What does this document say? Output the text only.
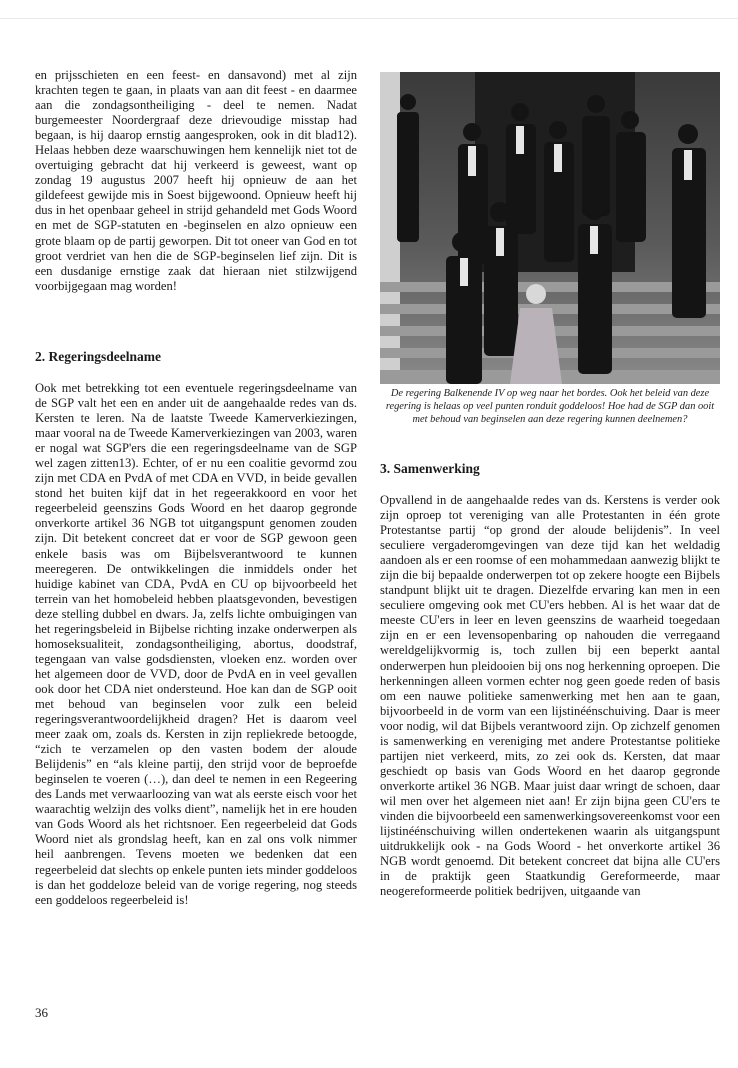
en prijsschieten en een feest- en dansavond) met al zijn krachten tegen te gaan, in plaats van aan dit feest - en daarmee aan die zondagsontheiliging - deel te nemen. Nadat burgemeester Noordergraaf deze drievoudige misstap had begaan, is hij daarop ernstig aangesproken, ook in dit blad12). Helaas hebben deze waarschuwingen hem kennelijk niet tot de overtuiging gebracht dat hij verkeerd is geweest, want op zondag 19 augustus 2007 heeft hij opnieuw de aan het gildefeest gewijde mis in Soest bijgewoond. Opnieuw heeft hij dus in het openbaar geheel in strijd gehandeld met Gods Woord en met de SGP-statuten en -beginselen en alzo opnieuw een grote blaam op de partij geworpen. Dit tot oneer van God en tot groot verdriet van hen die de SGP-beginselen lief zijn. Dit is een dusdanige ernstige zaak dat hieraan niet stilzwijgend voorbijgegaan mag worden!

2. Regeringsdeelname

Ook met betrekking tot een eventuele regeringsdeelname van de SGP valt het een en ander uit de aangehaalde redes van ds. Kersten te leren. Na de laatste Tweede Kamerverkiezingen, maar vooral na de Tweede Kamerverkiezingen van 2003, waren er nogal wat SGP'ers die een regeringsdeelname van de SGP wel zagen zitten13). Echter, of er nu een coalitie gevormd zou zijn met CDA en PvdA of met CDA en VVD, in beide gevallen stond het buiten kijf dat in het regeerakkoord en voor het regeerbeleid geenszins Gods Woord en het daarop gegronde onverkorte artikel 36 NGB tot uitgangspunt genomen zouden zijn. Dit betekent concreet dat er voor de SGP gewoon geen enkele basis was om Bijbelsverantwoord te kunnen meeregeren. De ontwikkelingen die inmiddels onder het huidige kabinet van CDA, PvdA en CU op bijvoorbeeld het terrein van het homobeleid hebben plaatsgevonden, bevestigen deze stelling dubbel en dwars. Ja, zelfs lichte ombuigingen van het regeringsbeleid in Bijbelse richting inzake onderwerpen als homoseksualiteit, zondagsontheiliging, abortus, doodstraf, tegengaan van valse godsdiensten, vloeken enz. worden over het algemeen door de VVD, door de PvdA en in veel gevallen ook door het CDA niet ondersteund. Hoe kan dan de SGP ooit met behoud van beginselen voor zulk een beleid regeringsverantwoordelijkheid dragen? Het is daarom veel meer zaak om, zoals ds. Kersten in zijn repliekrede betoogde, “zich te verzamelen op den vasten bodem der aloude Belijdenis” en “als kleine partij, den strijd voor de beproefde beginselen te voeren (…), dan deel te nemen in een Regeering des Lands met verwaarloozing van wat als eerste eisch voor het waarachtig welzijn des volks dient”, namelijk het in ere houden van Gods Woord als het richtsnoer. Een regeerbeleid dat Gods Woord niet als grondslag heeft, kan en zal ons volk nimmer heil aanbrengen. Tevens moeten we bedenken dat een regeerbeleid dat slechts op enkele punten iets minder goddeloos is dan het goddeloze beleid van de vorige regering, nog steeds een goddeloos regeerbeleid is!

De regering Balkenende IV op weg naar het bordes. Ook het beleid van deze regering is helaas op veel punten ronduit goddeloos! Hoe had de SGP dan ooit met behoud van beginselen aan deze regering kunnen deelnemen?
3. Samenwerking

Opvallend in de aangehaalde redes van ds. Kerstens is verder ook zijn oproep tot vereniging van alle Protestanten in één grote Protestantse partij “op grond der aloude belijdenis”. In veel seculiere vergaderomgevingen van deze tijd kan het weldadig aandoen als er een roomse of een mohammedaan aanwezig blijkt te zijn die bij bepaalde onderwerpen tot op zekere hoogte een Bijbels standpunt blijkt uit te dragen. Diezelfde ervaring kan men in een seculiere omgeving ook met CU'ers hebben. Al is het waar dat de meeste CU'ers in leer en leven geenszins de waarheid toegedaan zijn en er een levensopenbaring op nahouden die verregaand wereldgelijkvormig is, toch zullen bij een beperkt aantal onderwerpen hun pleidooien bij ons nog herkenning oproepen. Die herkenningen alleen vormen echter nog geen goede reden of basis om een nauwe politieke samenwerking met hen aan te gaan, bijvoorbeeld in de vorm van een lijstinéénschuiving. Daar is meer voor nodig, wil dat Bijbels verantwoord zijn. Op zichzelf genomen is samenwerking en vereniging met andere Protestantse politieke partijen niet verkeerd, mits, zo zei ook ds. Kersten, dat maar geschiedt op basis van Gods Woord en het daarop gegronde onverkorte artikel 36 NGB. Maar juist daar wringt de schoen, daar wil men over het algemeen niet aan! Er zijn bijna geen CU'ers te vinden die bijvoorbeeld een samenwerkingsovereenkomst voor een lijstinéénschuiving willen ondertekenen waarin als uitgangspunt uitdrukkelijk ook - na Gods Woord - het onverkorte artikel 36 NGB wordt genoemd. Dit betekent concreet dat bijna alle CU'ers in de praktijk geen Staatkundig Gereformeerde, maar neogereformeerde politiek bedrijven, uitgaande van

36
